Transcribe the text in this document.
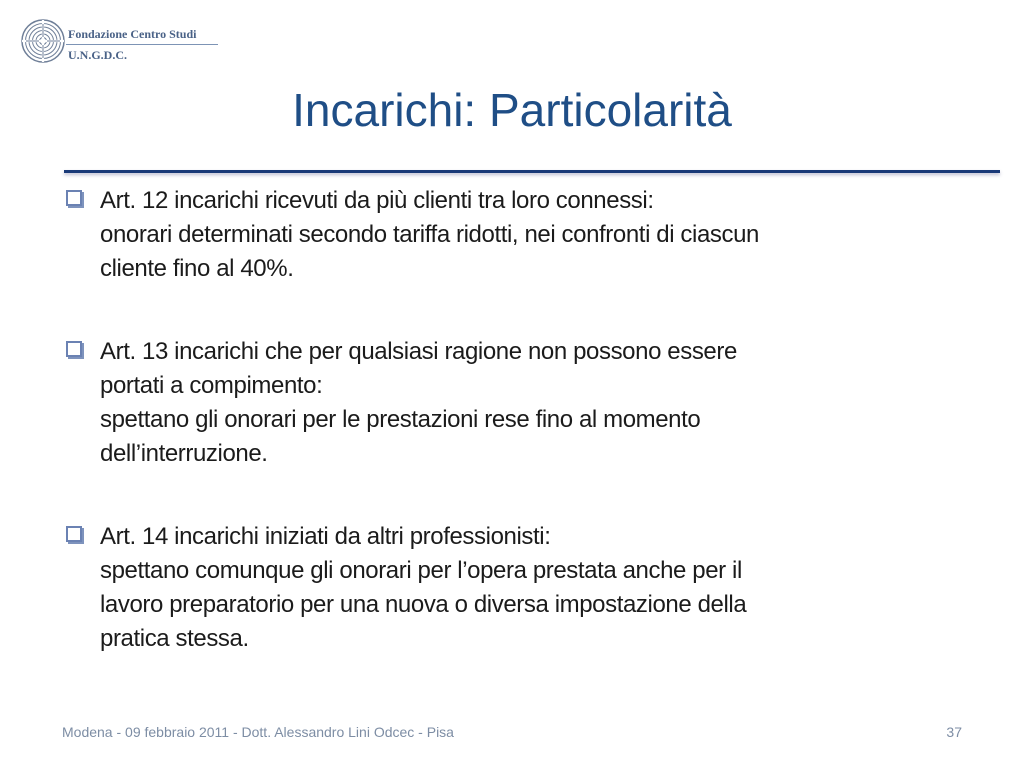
Fondazione Centro Studi
U.N.G.D.C.
Incarichi: Particolarità
Art. 12 incarichi ricevuti da più clienti tra loro connessi:
onorari determinati secondo tariffa ridotti, nei confronti di ciascun
cliente fino al 40%.
Art. 13 incarichi che per qualsiasi ragione non possono essere
portati a compimento:
spettano gli onorari per le prestazioni rese fino al momento
dell’interruzione.
Art. 14 incarichi iniziati da altri professionisti:
spettano comunque gli onorari per l’opera prestata anche per il
lavoro preparatorio per una nuova o diversa impostazione della
pratica stessa.
Modena - 09 febbraio 2011 - Dott. Alessandro Lini Odcec - Pisa	37
